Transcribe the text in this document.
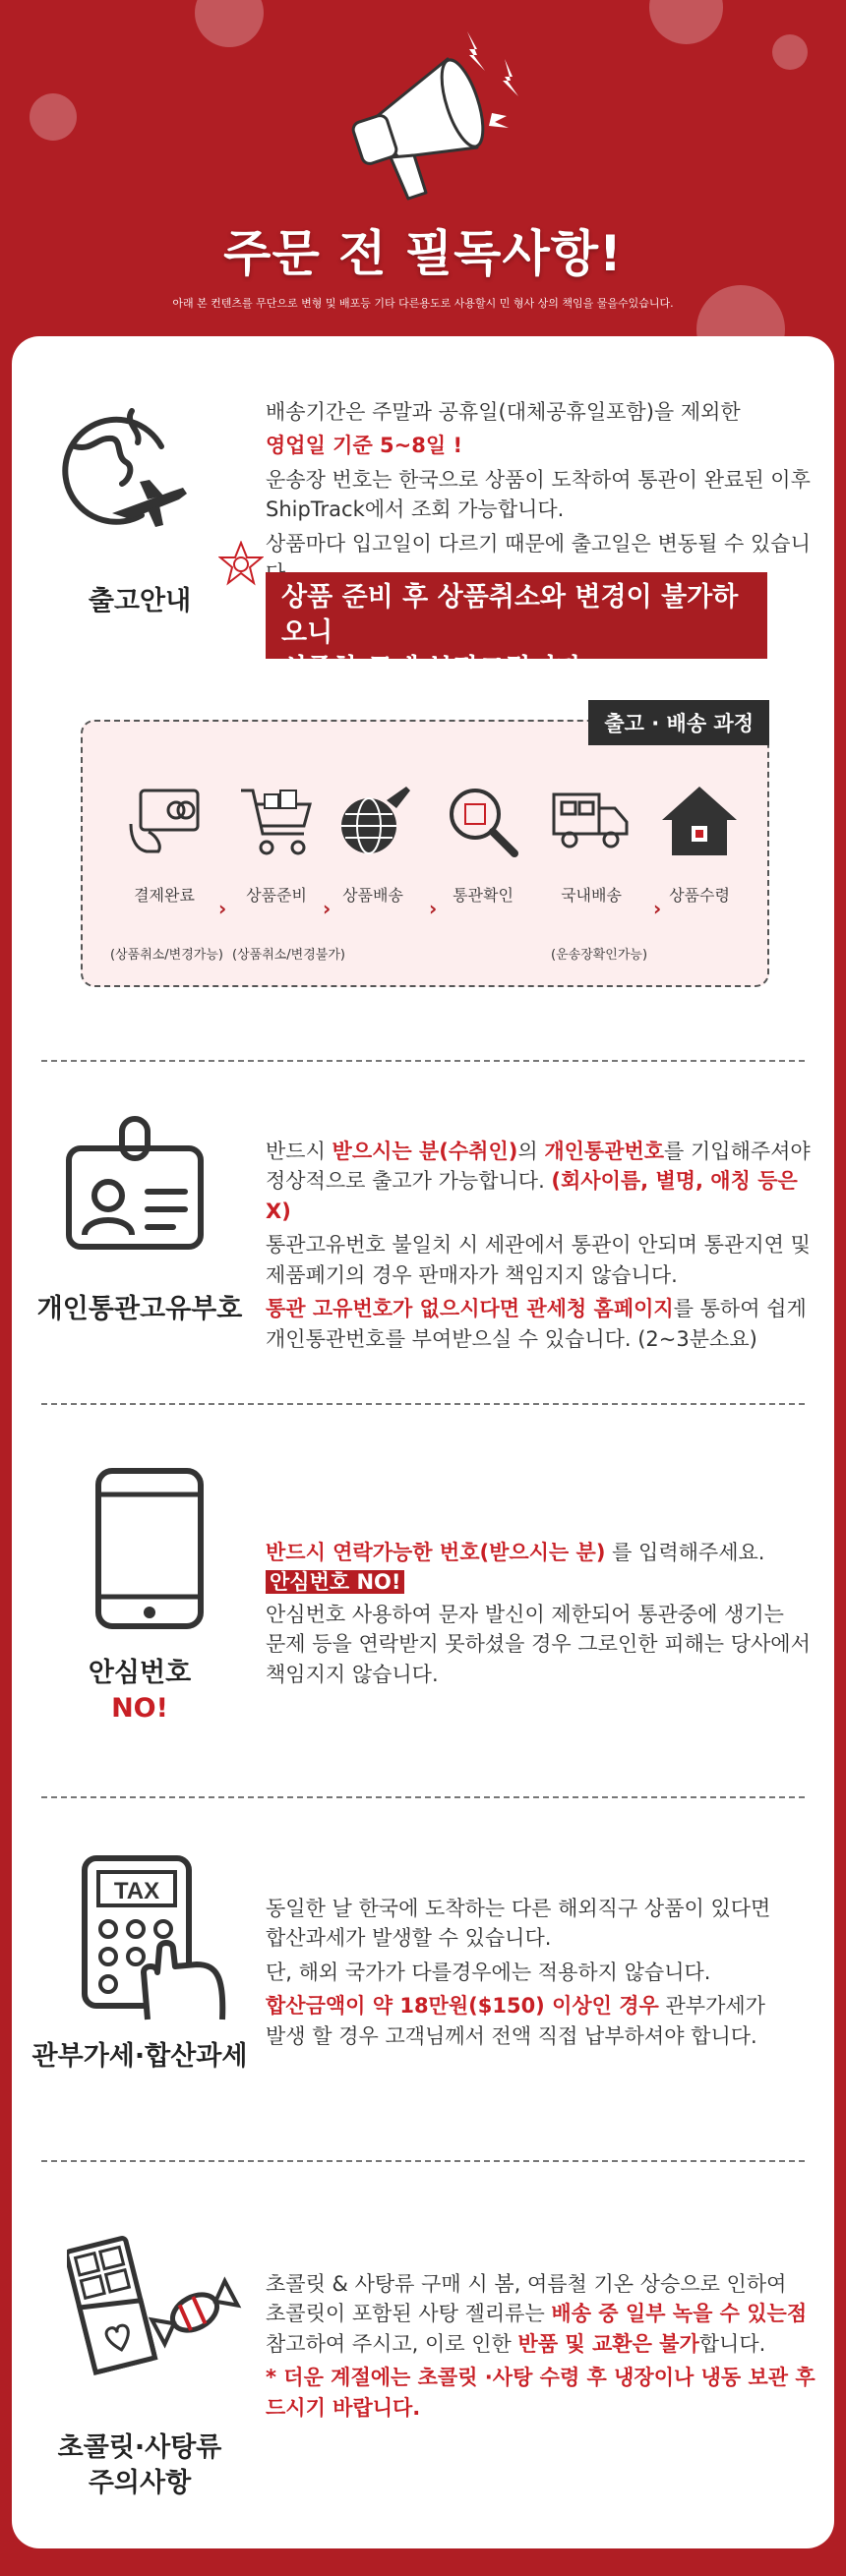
주문 전 필독사항!
아래 본 컨텐츠를 무단으로 변형 및 배포등 기타 다른용도로 사용할시 민 형사 상의 책임을 물을수있습니다.
출고안내

배송기간은 주말과 공휴일(대체공휴일포함)을 제외한

영업일 기준 5~8일 !

운송장 번호는 한국으로 상품이 도착하여 통관이 완료된 이후

ShipTrack에서 조회 가능합니다.

상품마다 입고일이 다르기 때문에 출고일은 변동될 수 있습니

상품 준비 후 상품취소와 변경이 불가하오니
신중한 구매 부탁드립니다.
출고 · 배송 과정
결제완료
›
상품준비
›
상품배송
›
통관확인	국내배송
›
상품수령
(상품취소/변경가능) (상품취소/변경불가)	(운송장확인가능)
개인통관고유부호

반드시 받으시는 분(수취인)의 개인통관번호를 기입해주셔야

정상적으로 출고가 가능합니다. (회사이름, 별명, 애칭 등은 X)

통관고유번호 불일치 시 세관에서 통관이 안되며 통관지연 및

제품폐기의 경우 판매자가 책임지지 않습니다.

통관 고유번호가 없으시다면 관세청 홈페이지를 통하여 쉽게

개인통관번호를 부여받으실 수 있습니다. (2~3분소요)

안심번호
NO!

반드시 연락가능한 번호(받으시는 분) 를 입력해주세요.

안심번호 NO!

안심번호 사용하여 문자 발신이 제한되어 통관중에 생기는

문제 등을 연락받지 못하셨을 경우 그로인한 피해는 당사에서

책임지지 않습니다.

TAX
관부가세·합산과세

동일한 날 한국에 도착하는 다른 해외직구 상품이 있다면

합산과세가 발생할 수 있습니다.

단, 해외 국가가 다를경우에는 적용하지 않습니다.

합산금액이 약 18만원($150) 이상인 경우 관부가세가

발생 할 경우 고객님께서 전액 직접 납부하셔야 합니다.

초콜릿·사탕류
주의사항

초콜릿 & 사탕류 구매 시 봄, 여름철 기온 상승으로 인하여

초콜릿이 포함된 사탕 젤리류는 배송 중 일부 녹을 수 있는점

참고하여 주시고, 이로 인한 반품 및 교환은 불가합니다.

* 더운 계절에는 초콜릿 ·사탕 수령 후 냉장이나 냉동 보관 후

드시기 바랍니다.
